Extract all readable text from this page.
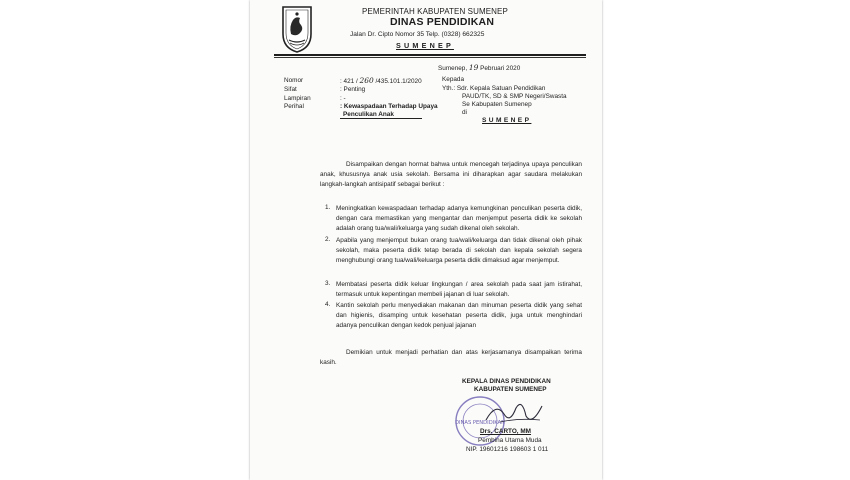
PEMERINTAH KABUPATEN SUMENEP
DINAS PENDIDIKAN
Jalan Dr. Cipto Nomor 35 Telp. (0328) 662325
SUMENEP
Sumenep, 19 Pebruari 2020
Nomor	: 421 / 260 /435.101.1/2020
Sifat	: Penting
Lampiran	: -
Perihal	: Kewaspadaan Terhadap Upaya
Penculikan Anak
Kepada
Yth.: Sdr. Kepala Satuan Pendidikan
PAUD/TK, SD & SMP Negeri/Swasta
Se Kabupaten Sumenep
di
SUMENEP
Disampaikan dengan hormat bahwa untuk mencegah terjadinya upaya penculikan anak, khususnya anak usia sekolah. Bersama ini diharapkan agar saudara melakukan langkah-langkah antisipatif sebagai berikut :
1. Meningkatkan kewaspadaan terhadap adanya kemungkinan penculikan peserta didik, dengan cara memastikan yang mengantar dan menjemput peserta didik ke sekolah adalah orang tua/wali/keluarga yang sudah dikenal oleh sekolah.
2. Apabila yang menjemput bukan orang tua/wali/keluarga dan tidak dikenal oleh pihak sekolah, maka peserta didik tetap berada di sekolah dan kepala sekolah segera menghubungi orang tua/wali/keluarga peserta didik dimaksud agar menjemput.
3. Membatasi peserta didik keluar lingkungan / area sekolah pada saat jam istirahat, termasuk untuk kepentingan membeli jajanan di luar sekolah.
4. Kantin sekolah perlu menyediakan makanan dan minuman peserta didik yang sehat dan higienis, disamping untuk kesehatan peserta didik, juga untuk menghindari adanya penculikan dengan kedok penjual jajanan
Demikian untuk menjadi perhatian dan atas kerjasamanya disampaikan terima kasih.
KEPALA DINAS PENDIDIKAN
KABUPATEN SUMENEP
DINAS PENDIDIKAN
Drs. CARTO, MM
Pembina Utama Muda
NIP. 19601216 198603 1 011
